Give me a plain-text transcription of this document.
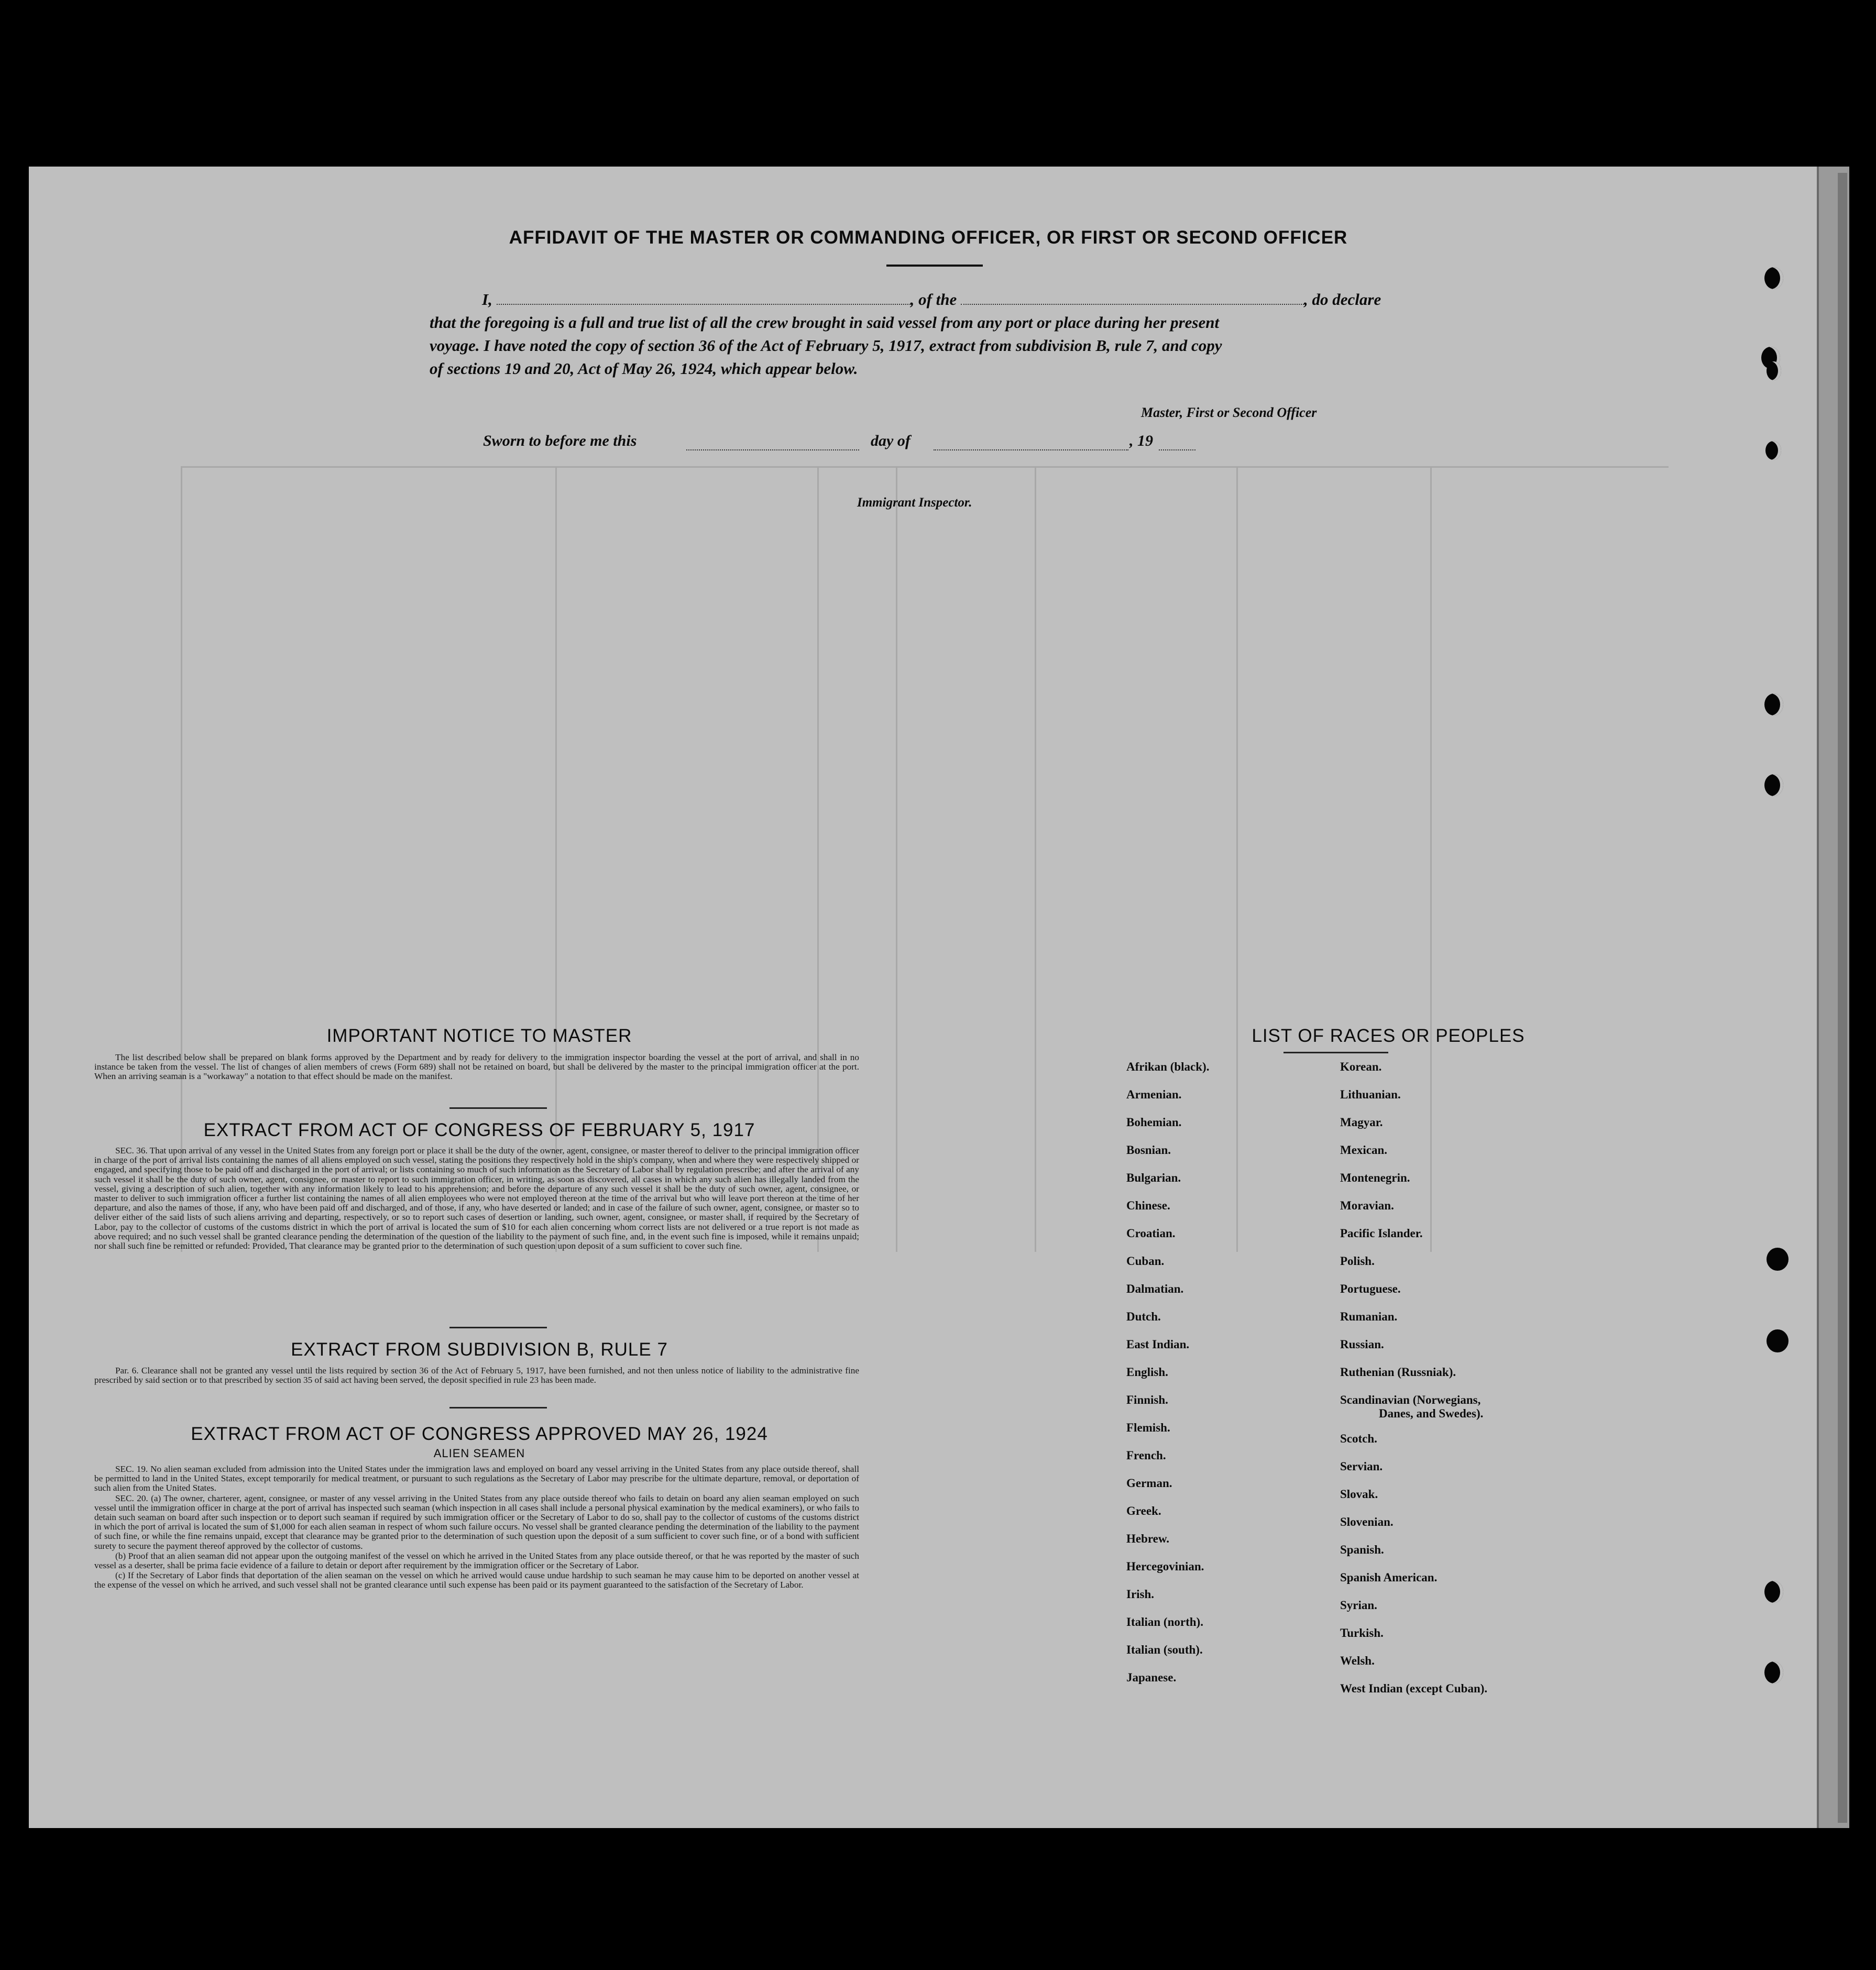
AFFIDAVIT OF THE MASTER OR COMMANDING OFFICER, OR FIRST OR SECOND OFFICER
I,	, of the	, do declare
that the foregoing is a full and true list of all the crew brought in said vessel from any port or place during her present
voyage. I have noted the copy of section 36 of the Act of February 5, 1917, extract from subdivision B, rule 7, and copy
of sections 19 and 20, Act of May 26, 1924, which appear below.
Master, First or Second Officer
Sworn to before me this	day of	, 19
Immigrant Inspector.
IMPORTANT NOTICE TO MASTER

The list described below shall be prepared on blank forms approved by the Department and by ready for delivery to the immigration inspector boarding the vessel at the port of arrival, and shall in no instance be taken from the vessel. The list of changes of alien members of crews (Form 689) shall not be retained on board, but shall be delivered by the master to the principal immigration officer at the port. When an arriving seaman is a "workaway" a notation to that effect should be made on the manifest.

EXTRACT FROM ACT OF CONGRESS OF FEBRUARY 5, 1917

SEC. 36. That upon arrival of any vessel in the United States from any foreign port or place it shall be the duty of the owner, agent, consignee, or master thereof to deliver to the principal immigration officer in charge of the port of arrival lists containing the names of all aliens employed on such vessel, stating the positions they respectively hold in the ship's company, when and where they were respectively shipped or engaged, and specifying those to be paid off and discharged in the port of arrival; or lists containing so much of such information as the Secretary of Labor shall by regulation prescribe; and after the arrival of any such vessel it shall be the duty of such owner, agent, consignee, or master to report to such immigration officer, in writing, as soon as discovered, all cases in which any such alien has illegally landed from the vessel, giving a description of such alien, together with any information likely to lead to his apprehension; and before the departure of any such vessel it shall be the duty of such owner, agent, consignee, or master to deliver to such immigration officer a further list containing the names of all alien employees who were not employed thereon at the time of the arrival but who will leave port thereon at the time of her departure, and also the names of those, if any, who have been paid off and discharged, and of those, if any, who have deserted or landed; and in case of the failure of such owner, agent, consignee, or master so to deliver either of the said lists of such aliens arriving and departing, respectively, or so to report such cases of desertion or landing, such owner, agent, consignee, or master shall, if required by the Secretary of Labor, pay to the collector of customs of the customs district in which the port of arrival is located the sum of $10 for each alien concerning whom correct lists are not delivered or a true report is not made as above required; and no such vessel shall be granted clearance pending the determination of the question of the liability to the payment of such fine, and, in the event such fine is imposed, while it remains unpaid; nor shall such fine be remitted or refunded: Provided, That clearance may be granted prior to the determination of such question upon deposit of a sum sufficient to cover such fine.

EXTRACT FROM SUBDIVISION B, RULE 7

Par. 6. Clearance shall not be granted any vessel until the lists required by section 36 of the Act of February 5, 1917, have been furnished, and not then unless notice of liability to the administrative fine prescribed by said section or to that prescribed by section 35 of said act having been served, the deposit specified in rule 23 has been made.

EXTRACT FROM ACT OF CONGRESS APPROVED MAY 26, 1924
ALIEN SEAMEN

SEC. 19. No alien seaman excluded from admission into the United States under the immigration laws and employed on board any vessel arriving in the United States from any place outside thereof, shall be permitted to land in the United States, except temporarily for medical treatment, or pursuant to such regulations as the Secretary of Labor may prescribe for the ultimate departure, removal, or deportation of such alien from the United States.

SEC. 20. (a) The owner, charterer, agent, consignee, or master of any vessel arriving in the United States from any place outside thereof who fails to detain on board any alien seaman employed on such vessel until the immigration officer in charge at the port of arrival has inspected such seaman (which inspection in all cases shall include a personal physical examination by the medical examiners), or who fails to detain such seaman on board after such inspection or to deport such seaman if required by such immigration officer or the Secretary of Labor to do so, shall pay to the collector of customs of the customs district in which the port of arrival is located the sum of $1,000 for each alien seaman in respect of whom such failure occurs. No vessel shall be granted clearance pending the determination of the liability to the payment of such fine, or while the fine remains unpaid, except that clearance may be granted prior to the determination of such question upon the deposit of a sum sufficient to cover such fine, or of a bond with sufficient surety to secure the payment thereof approved by the collector of customs.

(b) Proof that an alien seaman did not appear upon the outgoing manifest of the vessel on which he arrived in the United States from any place outside thereof, or that he was reported by the master of such vessel as a deserter, shall be prima facie evidence of a failure to detain or deport after requirement by the immigration officer or the Secretary of Labor.

(c) If the Secretary of Labor finds that deportation of the alien seaman on the vessel on which he arrived would cause undue hardship to such seaman he may cause him to be deported on another vessel at the expense of the vessel on which he arrived, and such vessel shall not be granted clearance until such expense has been paid or its payment guaranteed to the satisfaction of the Secretary of Labor.

LIST OF RACES OR PEOPLES
Afrikan (black).
Armenian.
Bohemian.
Bosnian.
Bulgarian.
Chinese.
Croatian.
Cuban.
Dalmatian.
Dutch.
East Indian.
English.
Finnish.
Flemish.
French.
German.
Greek.
Hebrew.
Hercegovinian.
Irish.
Italian (north).
Italian (south).
Japanese.
Korean.
Lithuanian.
Magyar.
Mexican.
Montenegrin.
Moravian.
Pacific Islander.
Polish.
Portuguese.
Rumanian.
Russian.
Ruthenian (Russniak).
Scandinavian (Norwegians,
Danes, and Swedes).
Scotch.
Servian.
Slovak.
Slovenian.
Spanish.
Spanish American.
Syrian.
Turkish.
Welsh.
West Indian (except Cuban).
